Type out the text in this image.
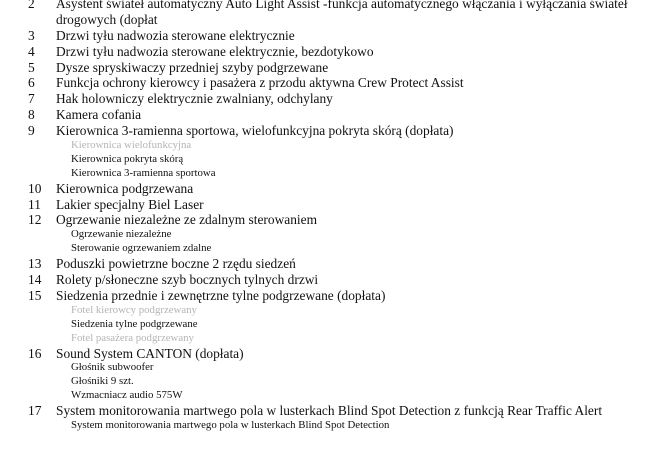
2 Asystent świateł automatyczny Auto Light Assist -funkcja automatycznego włączania i wyłączania świateł drogowych (dopłat
3 Drzwi tyłu nadwozia sterowane elektrycznie
4 Drzwi tyłu nadwozia sterowane elektrycznie, bezdotykowo
5 Dysze spryskiwaczy przedniej szyby podgrzewane
6 Funkcja ochrony kierowcy i pasażera z przodu aktywna Crew Protect Assist
7 Hak holowniczy elektrycznie zwalniany, odchylany
8 Kamera cofania
9 Kierownica 3-ramienna sportowa, wielofunkcyjna pokryta skórą (dopłata)
Kierownica wielofunkcyjna
Kierownica pokryta skórą
Kierownica 3-ramienna sportowa
10 Kierownica podgrzewana
11 Lakier specjalny Biel Laser
12 Ogrzewanie niezależne ze zdalnym sterowaniem
Ogrzewanie niezależne
Sterowanie ogrzewaniem zdalne
13 Poduszki powietrzne boczne 2 rzędu siedzeń
14 Rolety p/słoneczne szyb bocznych tylnych drzwi
15 Siedzenia przednie i zewnętrzne tylne podgrzewane (dopłata)
Fotel kierowcy podgrzewany
Siedzenia tylne podgrzewane
Fotel pasażera podgrzewany
16 Sound System CANTON (dopłata)
Głośnik subwoofer
Głośniki 9 szt.
Wzmacniacz audio 575W
17 System monitorowania martwego pola w lusterkach Blind Spot Detection z funkcją Rear Traffic Alert
System monitorowania martwego pola w lusterkach Blind Spot Detection
